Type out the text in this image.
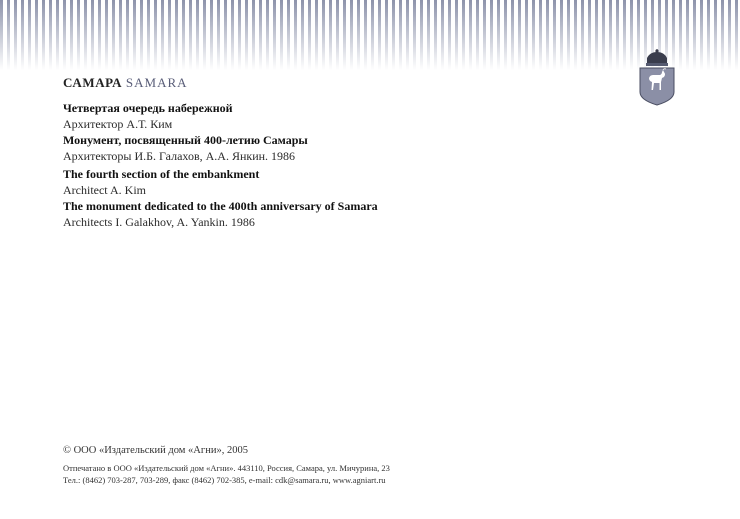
САМАРА SAMARA
Четвертая очередь набережной
Архитектор А.Т. Ким
Монумент, посвященный 400-летию Самары
Архитекторы И.Б. Галахов, А.А. Янкин. 1986
The fourth section of the embankment
Architect A. Kim
The monument dedicated to the 400th anniversary of Samara
Architects I. Galakhov, A. Yankin. 1986
© ООО «Издательский дом «Агни», 2005
Отпечатано в ООО «Издательский дом «Агни». 443110, Россия, Самара, ул. Мичурина, 23
Тел.: (8462) 703-287, 703-289, факс (8462) 702-385, e-mail: cdk@samara.ru, www.agniart.ru
